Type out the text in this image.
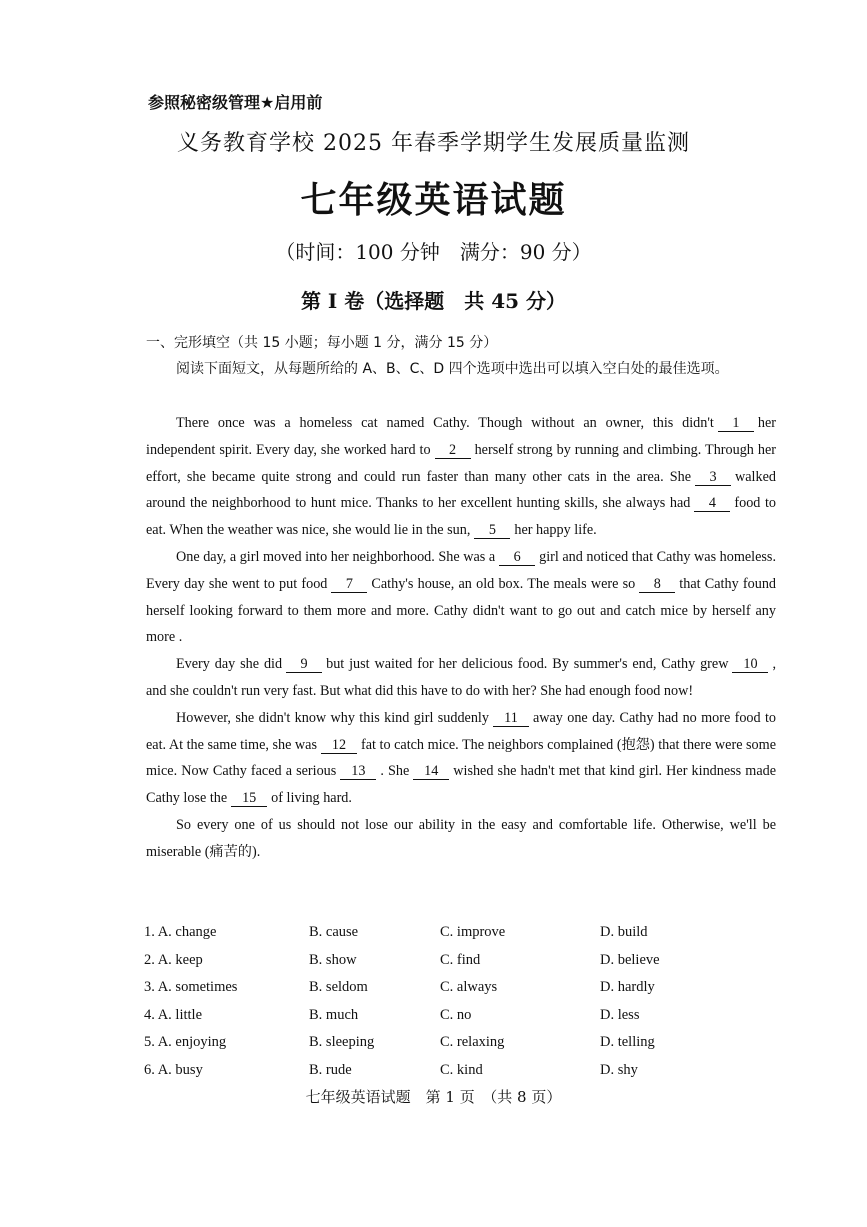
参照秘密级管理★启用前
义务教育学校 2025 年春季学期学生发展质量监测
七年级英语试题
（时间：100 分钟　满分：90 分）
第 I 卷（选择题　共 45 分）
一、完形填空（共 15 小题；每小题 1 分，满分 15 分）
阅读下面短文，从每题所给的 A、B、C、D 四个选项中选出可以填入空白处的最佳选项。

There once was a homeless cat named Cathy. Though without an owner, this didn't 1 her independent spirit. Every day, she worked hard to 2 herself strong by running and climbing. Through her effort, she became quite strong and could run faster than many other cats in the area. She 3 walked around the neighborhood to hunt mice. Thanks to her excellent hunting skills, she always had 4 food to eat. When the weather was nice, she would lie in the sun, 5 her happy life.

One day, a girl moved into her neighborhood. She was a 6 girl and noticed that Cathy was homeless. Every day she went to put food 7 Cathy's house, an old box. The meals were so 8 that Cathy found herself looking forward to them more and more. Cathy didn't want to go out and catch mice by herself any more .

Every day she did 9 but just waited for her delicious food. By summer's end, Cathy grew 10 , and she couldn't run very fast. But what did this have to do with her? She had enough food now!

However, she didn't know why this kind girl suddenly 11 away one day. Cathy had no more food to eat. At the same time, she was 12 fat to catch mice. The neighbors complained (抱怨) that there were some mice. Now Cathy faced a serious 13 . She 14 wished she hadn't met that kind girl. Her kindness made Cathy lose the 15 of living hard.

So every one of us should not lose our ability in the easy and comfortable life. Otherwise, we'll be miserable (痛苦的).

1. A. change	B. cause	C. improve	D. build
2. A. keep	B. show	C. find	D. believe
3. A. sometimes	B. seldom	C. always	D. hardly
4. A. little	B. much	C. no	D. less
5. A. enjoying	B. sleeping	C. relaxing	D. telling
6. A. busy	B. rude	C. kind	D. shy
七年级英语试题　第 1 页　（共 8 页）
